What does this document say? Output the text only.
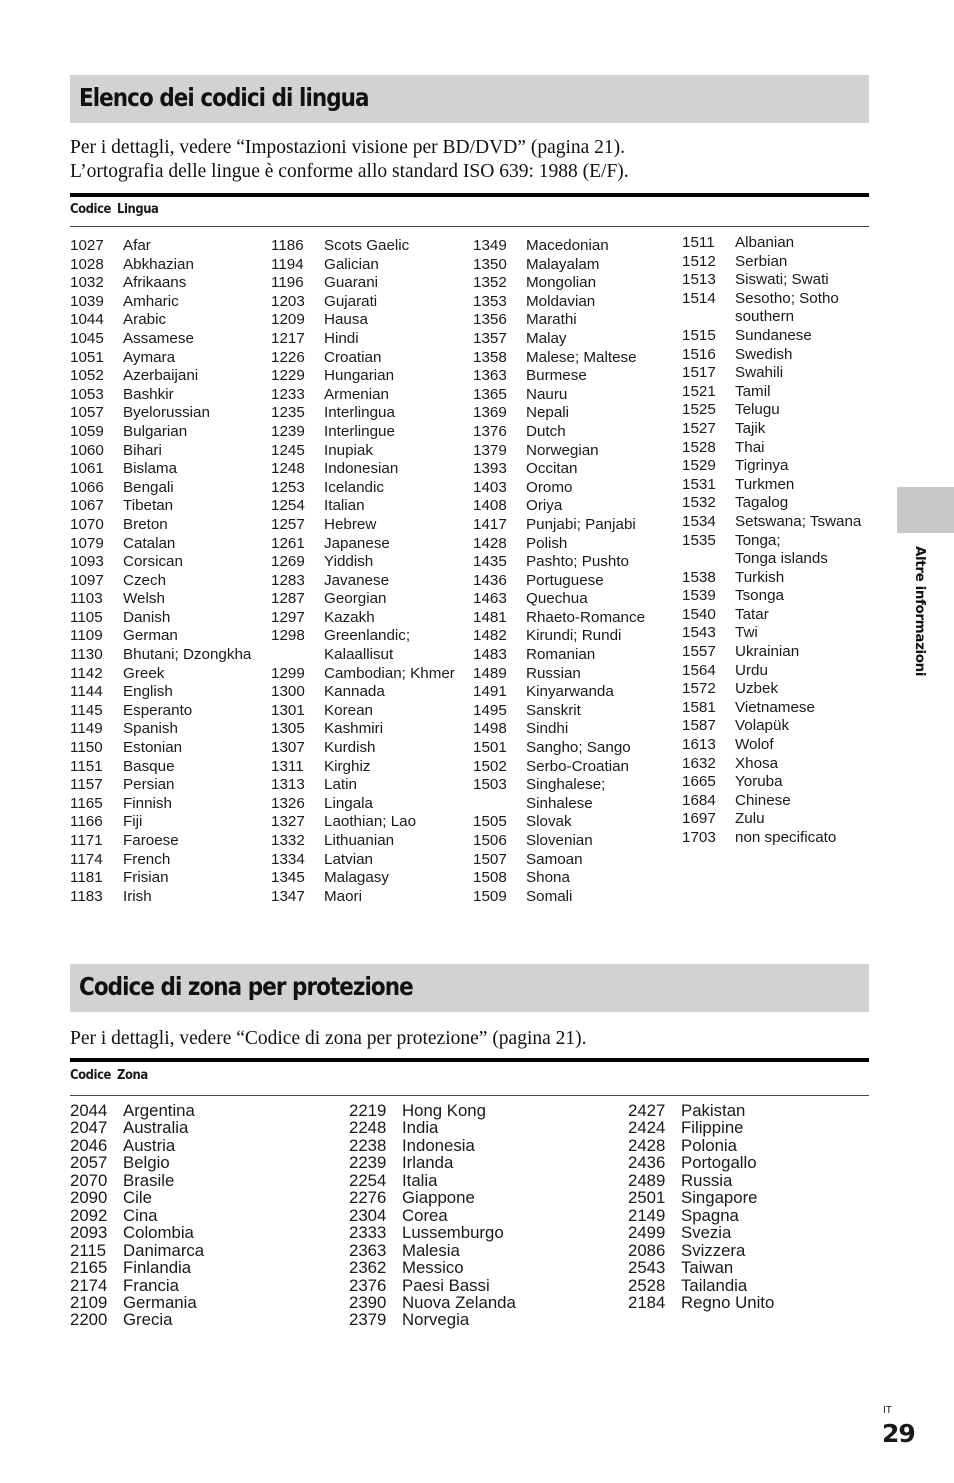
Elenco dei codici di lingua
Per i dettagli, vedere “Impostazioni visione per BD/DVD” (pagina 21).
L’ortografia delle lingue è conforme allo standard ISO 639: 1988 (E/F).
Codice Lingua
1027 Afar
1028 Abkhazian
1032 Afrikaans
1039 Amharic
1044 Arabic
1045 Assamese
1051 Aymara
1052 Azerbaijani
1053 Bashkir
1057 Byelorussian
1059 Bulgarian
1060 Bihari
1061 Bislama
1066 Bengali
1067 Tibetan
1070 Breton
1079 Catalan
1093 Corsican
1097 Czech
1103 Welsh
1105 Danish
1109 German
1130 Bhutani; Dzongkha
1142 Greek
1144 English
1145 Esperanto
1149 Spanish
1150 Estonian
1151 Basque
1157 Persian
1165 Finnish
1166 Fiji
1171 Faroese
1174 French
1181 Frisian
1183 Irish
1186 Scots Gaelic
1194 Galician
1196 Guarani
1203 Gujarati
1209 Hausa
1217 Hindi
1226 Croatian
1229 Hungarian
1233 Armenian
1235 Interlingua
1239 Interlingue
1245 Inupiak
1248 Indonesian
1253 Icelandic
1254 Italian
1257 Hebrew
1261 Japanese
1269 Yiddish
1283 Javanese
1287 Georgian
1297 Kazakh
1298 Greenlandic;
Kalaallisut
1299 Cambodian; Khmer
1300 Kannada
1301 Korean
1305 Kashmiri
1307 Kurdish
1311 Kirghiz
1313 Latin
1326 Lingala
1327 Laothian; Lao
1332 Lithuanian
1334 Latvian
1345 Malagasy
1347 Maori
1349 Macedonian
1350 Malayalam
1352 Mongolian
1353 Moldavian
1356 Marathi
1357 Malay
1358 Malese; Maltese
1363 Burmese
1365 Nauru
1369 Nepali
1376 Dutch
1379 Norwegian
1393 Occitan
1403 Oromo
1408 Oriya
1417 Punjabi; Panjabi
1428 Polish
1435 Pashto; Pushto
1436 Portuguese
1463 Quechua
1481 Rhaeto-Romance
1482 Kirundi; Rundi
1483 Romanian
1489 Russian
1491 Kinyarwanda
1495 Sanskrit
1498 Sindhi
1501 Sangho; Sango
1502 Serbo-Croatian
1503 Singhalese;
Sinhalese
1505 Slovak
1506 Slovenian
1507 Samoan
1508 Shona
1509 Somali
1511 Albanian
1512 Serbian
1513 Siswati; Swati
1514 Sesotho; Sotho
southern
1515 Sundanese
1516 Swedish
1517 Swahili
1521 Tamil
1525 Telugu
1527 Tajik
1528 Thai
1529 Tigrinya
1531 Turkmen
1532 Tagalog
1534 Setswana; Tswana
1535 Tonga;
Tonga islands
1538 Turkish
1539 Tsonga
1540 Tatar
1543 Twi
1557 Ukrainian
1564 Urdu
1572 Uzbek
1581 Vietnamese
1587 Volapük
1613 Wolof
1632 Xhosa
1665 Yoruba
1684 Chinese
1697 Zulu
1703 non specificato
Codice di zona per protezione
Per i dettagli, vedere “Codice di zona per protezione” (pagina 21).
Codice Zona
2044 Argentina
2047 Australia
2046 Austria
2057 Belgio
2070 Brasile
2090 Cile
2092 Cina
2093 Colombia
2115 Danimarca
2165 Finlandia
2174 Francia
2109 Germania
2200 Grecia
2219 Hong Kong
2248 India
2238 Indonesia
2239 Irlanda
2254 Italia
2276 Giappone
2304 Corea
2333 Lussemburgo
2363 Malesia
2362 Messico
2376 Paesi Bassi
2390 Nuova Zelanda
2379 Norvegia
2427 Pakistan
2424 Filippine
2428 Polonia
2436 Portogallo
2489 Russia
2501 Singapore
2149 Spagna
2499 Svezia
2086 Svizzera
2543 Taiwan
2528 Tailandia
2184 Regno Unito
Altre informazioni
IT
29
